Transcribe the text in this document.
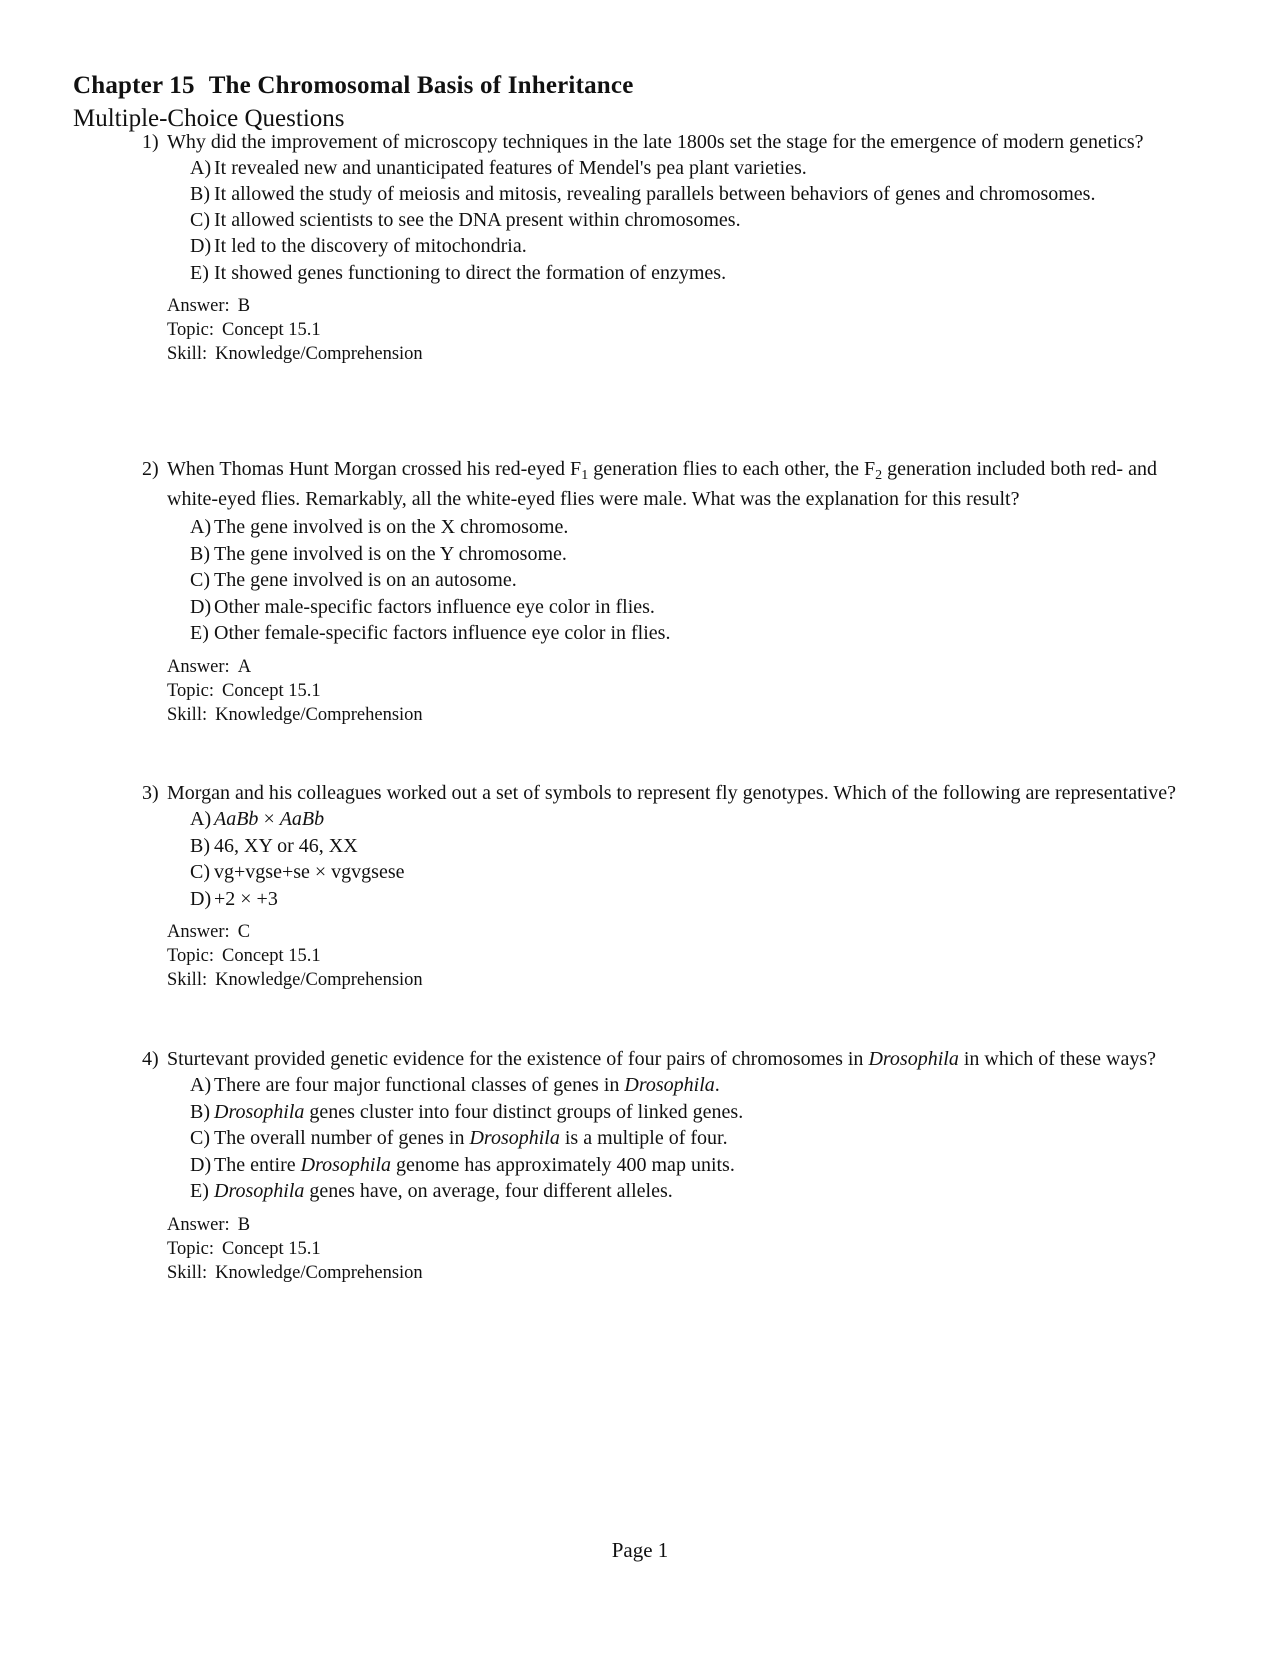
Chapter 15 The Chromosomal Basis of Inheritance
Multiple-Choice Questions
1) Why did the improvement of microscopy techniques in the late 1800s set the stage for the emergence of modern genetics?
A) It revealed new and unanticipated features of Mendel's pea plant varieties.
B) It allowed the study of meiosis and mitosis, revealing parallels between behaviors of genes and chromosomes.
C) It allowed scientists to see the DNA present within chromosomes.
D) It led to the discovery of mitochondria.
E) It showed genes functioning to direct the formation of enzymes.
Answer: B
Topic: Concept 15.1
Skill: Knowledge/Comprehension
2) When Thomas Hunt Morgan crossed his red-eyed $F_1$ generation flies to each other, the $F_2$ generation included both red- and white-eyed flies. Remarkably, all the white-eyed flies were male. What was the explanation for this result?
A) The gene involved is on the X chromosome.
B) The gene involved is on the Y chromosome.
C) The gene involved is on an autosome.
D) Other male-specific factors influence eye color in flies.
E) Other female-specific factors influence eye color in flies.
Answer: A
Topic: Concept 15.1
Skill: Knowledge/Comprehension
3) Morgan and his colleagues worked out a set of symbols to represent fly genotypes. Which of the following are representative?
A) AaBb × AaBb
B) 46, XY or 46, XX
C) vg+vgse+se × vgvgsese
D) +2 × +3
Answer: C
Topic: Concept 15.1
Skill: Knowledge/Comprehension
4) Sturtevant provided genetic evidence for the existence of four pairs of chromosomes in Drosophila in which of these ways?
A) There are four major functional classes of genes in Drosophila.
B) Drosophila genes cluster into four distinct groups of linked genes.
C) The overall number of genes in Drosophila is a multiple of four.
D) The entire Drosophila genome has approximately 400 map units.
E) Drosophila genes have, on average, four different alleles.
Answer: B
Topic: Concept 15.1
Skill: Knowledge/Comprehension
Page 1
